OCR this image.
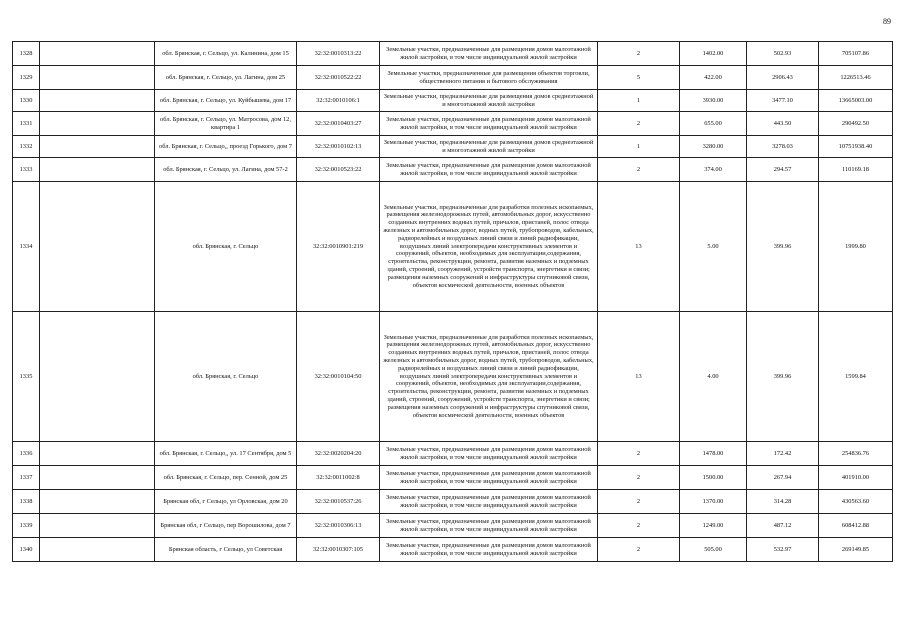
89
1328		обл. Брянская, г. Сельцо, ул. Калинина, дом 15	32:32:0010313:22	Земельные участки, предназначенные для размещения домов малоэтажной жилой застройки, в том числе индивидуальной жилой застройки	2	1402.00	502.93	705107.86
1329		обл. Брянская, г. Сельцо, ул. Лагина, дом 25	32:32:0010522:22	Земельные участки, предназначенные для размещения объектов торговли, общественного питания и бытового обслуживания	5	422.00	2906.43	1226513.46
1330		обл. Брянская, г. Сельцо, ул. Куйбышева, дом 17	32:32:0010106:1	Земельные участки, предназначенные для размещения домов среднеэтажной и многоэтажной жилой застройки	1	3930.00	3477.10	13665003.00
1331		обл. Брянская, г. Сельцо, ул. Матросова, дом 12, квартира 1	32:32:0010403:27	Земельные участки, предназначенные для размещения домов малоэтажной жилой застройки, в том числе индивидуальной жилой застройки	2	655.00	443.50	290492.50
1332		обл. Брянская, г. Сельцо,, проезд Горького, дом 7	32:32:0010102:13	Земельные участки, предназначенные для размещения домов среднеэтажной и многоэтажной жилой застройки	1	3280.00	3278.03	10751938.40
1333		обл. Брянская, г. Сельцо, ул. Лагина, дом 57-2	32:32:0010523:22	Земельные участки, предназначенные для размещения домов малоэтажной жилой застройки, в том числе индивидуальной жилой застройки	2	374.00	294.57	110169.18
1334		обл. Брянская, г. Сельцо	32:32:0010901:219	Земельные участки, предназначенные для разработки полезных ископаемых, размещения железнодорожных путей, автомобильных дорог, искусственно созданных внутренних водных путей, причалов, пристаней, полос отвода железных и автомобильных дорог, водных путей, трубопроводов, кабельных, радиорелейных и воздушных линий связи и линий радиофикации, воздушных линий электропередачи конструктивных элементов и сооружений, объектов, необходимых для эксплуатации,содержания, строительства, реконструкции, ремонта, развития наземных и подземных зданий, строений, сооружений, устройств транспорта, энергетики и связи; размещения наземных сооружений и инфраструктуры спутниковой связи, объектов космической деятельности, военных объектов	13	5.00	399.96	1999.80
1335		обл. Брянская, г. Сельцо	32:32:0010104:50	Земельные участки, предназначенные для разработки полезных ископаемых, размещения железнодорожных путей, автомобильных дорог, искусственно созданных внутренних водных путей, причалов, пристаней, полос отвода железных и автомобильных дорог, водных путей, трубопроводов, кабельных, радиорелейных и воздушных линий связи и линий радиофикации, воздушных линий электропередачи конструктивных элементов и сооружений, объектов, необходимых для эксплуатации,содержания, строительства, реконструкции, ремонта, развития наземных и подземных зданий, строений, сооружений, устройств транспорта, энергетики и связи; размещения наземных сооружений и инфраструктуры спутниковой связи, объектов космической деятельности, военных объектов	13	4.00	399.96	1599.84
1336		обл. Брянская, г. Сельцо,, ул. 17 Сентября, дом 5	32:32:0020204:20	Земельные участки, предназначенные для размещения домов малоэтажной жилой застройки, в том числе индивидуальной жилой застройки	2	1478.00	172.42	254836.76
1337		обл. Брянская, г. Сельцо, пер. Сенной, дом 25	32:32:0011002:8	Земельные участки, предназначенные для размещения домов малоэтажной жилой застройки, в том числе индивидуальной жилой застройки	2	1500.00	267.94	401910.00
1338		Брянская обл, г Сельцо, ул Орловская, дом 20	32:32:0010537:26	Земельные участки, предназначенные для размещения домов малоэтажной жилой застройки, в том числе индивидуальной жилой застройки	2	1370.00	314.28	430563.60
1339		Брянская обл, г Сельцо, пер Ворошилова, дом 7	32:32:0010306:13	Земельные участки, предназначенные для размещения домов малоэтажной жилой застройки, в том числе индивидуальной жилой застройки	2	1249.00	487.12	608412.88
1340		Брянская область, г Сельцо, ул Советская	32:32:0010307:105	Земельные участки, предназначенные для размещения домов малоэтажной жилой застройки, в том числе индивидуальной жилой застройки	2	505.00	532.97	269149.85
